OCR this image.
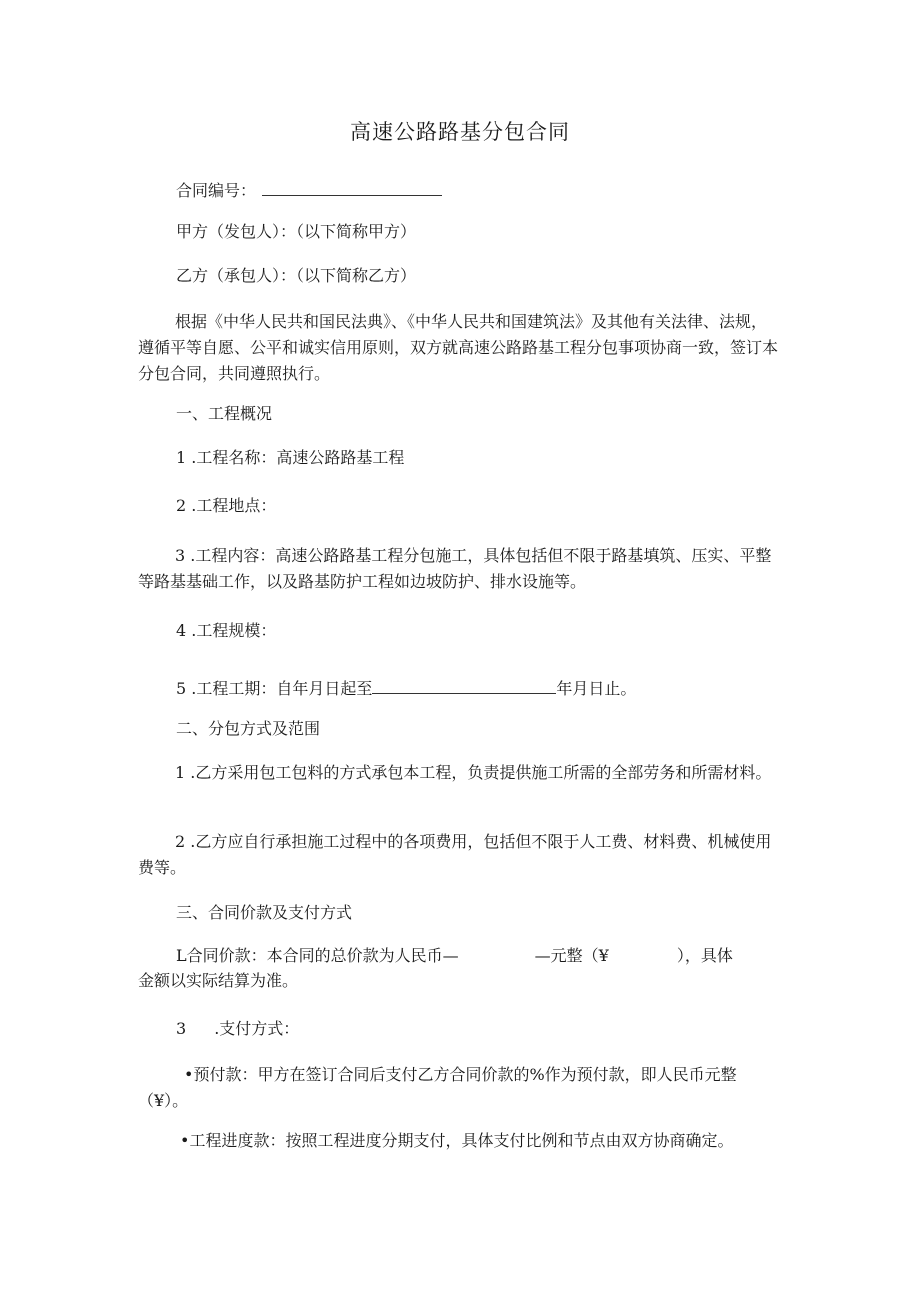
高速公路路基分包合同
合同编号：
甲方（发包人）：（以下简称甲方）
乙方（承包人）：（以下简称乙方）
根据《中华人民共和国民法典》、《中华人民共和国建筑法》及其他有关法律、法规，遵循平等自愿、公平和诚实信用原则，双方就高速公路路基工程分包事项协商一致，签订本分包合同，共同遵照执行。
一、工程概况
1 .工程名称：高速公路路基工程
2 .工程地点：
3 .工程内容：高速公路路基工程分包施工，具体包括但不限于路基填筑、压实、平整等路基基础工作，以及路基防护工程如边坡防护、排水设施等。
4 .工程规模：
5 .工程工期：自年月日起至	年月日止。
二、分包方式及范围
1 .乙方采用包工包料的方式承包本工程，负责提供施工所需的全部劳务和所需材料。
2 .乙方应自行承担施工过程中的各项费用，包括但不限于人工费、材料费、机械使用费等。
三、合同价款及支付方式
L合同价款：本合同的总价款为人民币—	—元整（¥	），具体
金额以实际结算为准。
3 .支付方式：
•预付款：甲方在签订合同后支付乙方合同价款的%作为预付款，即人民币元整（¥）。
•工程进度款：按照工程进度分期支付，具体支付比例和节点由双方协商确定。
